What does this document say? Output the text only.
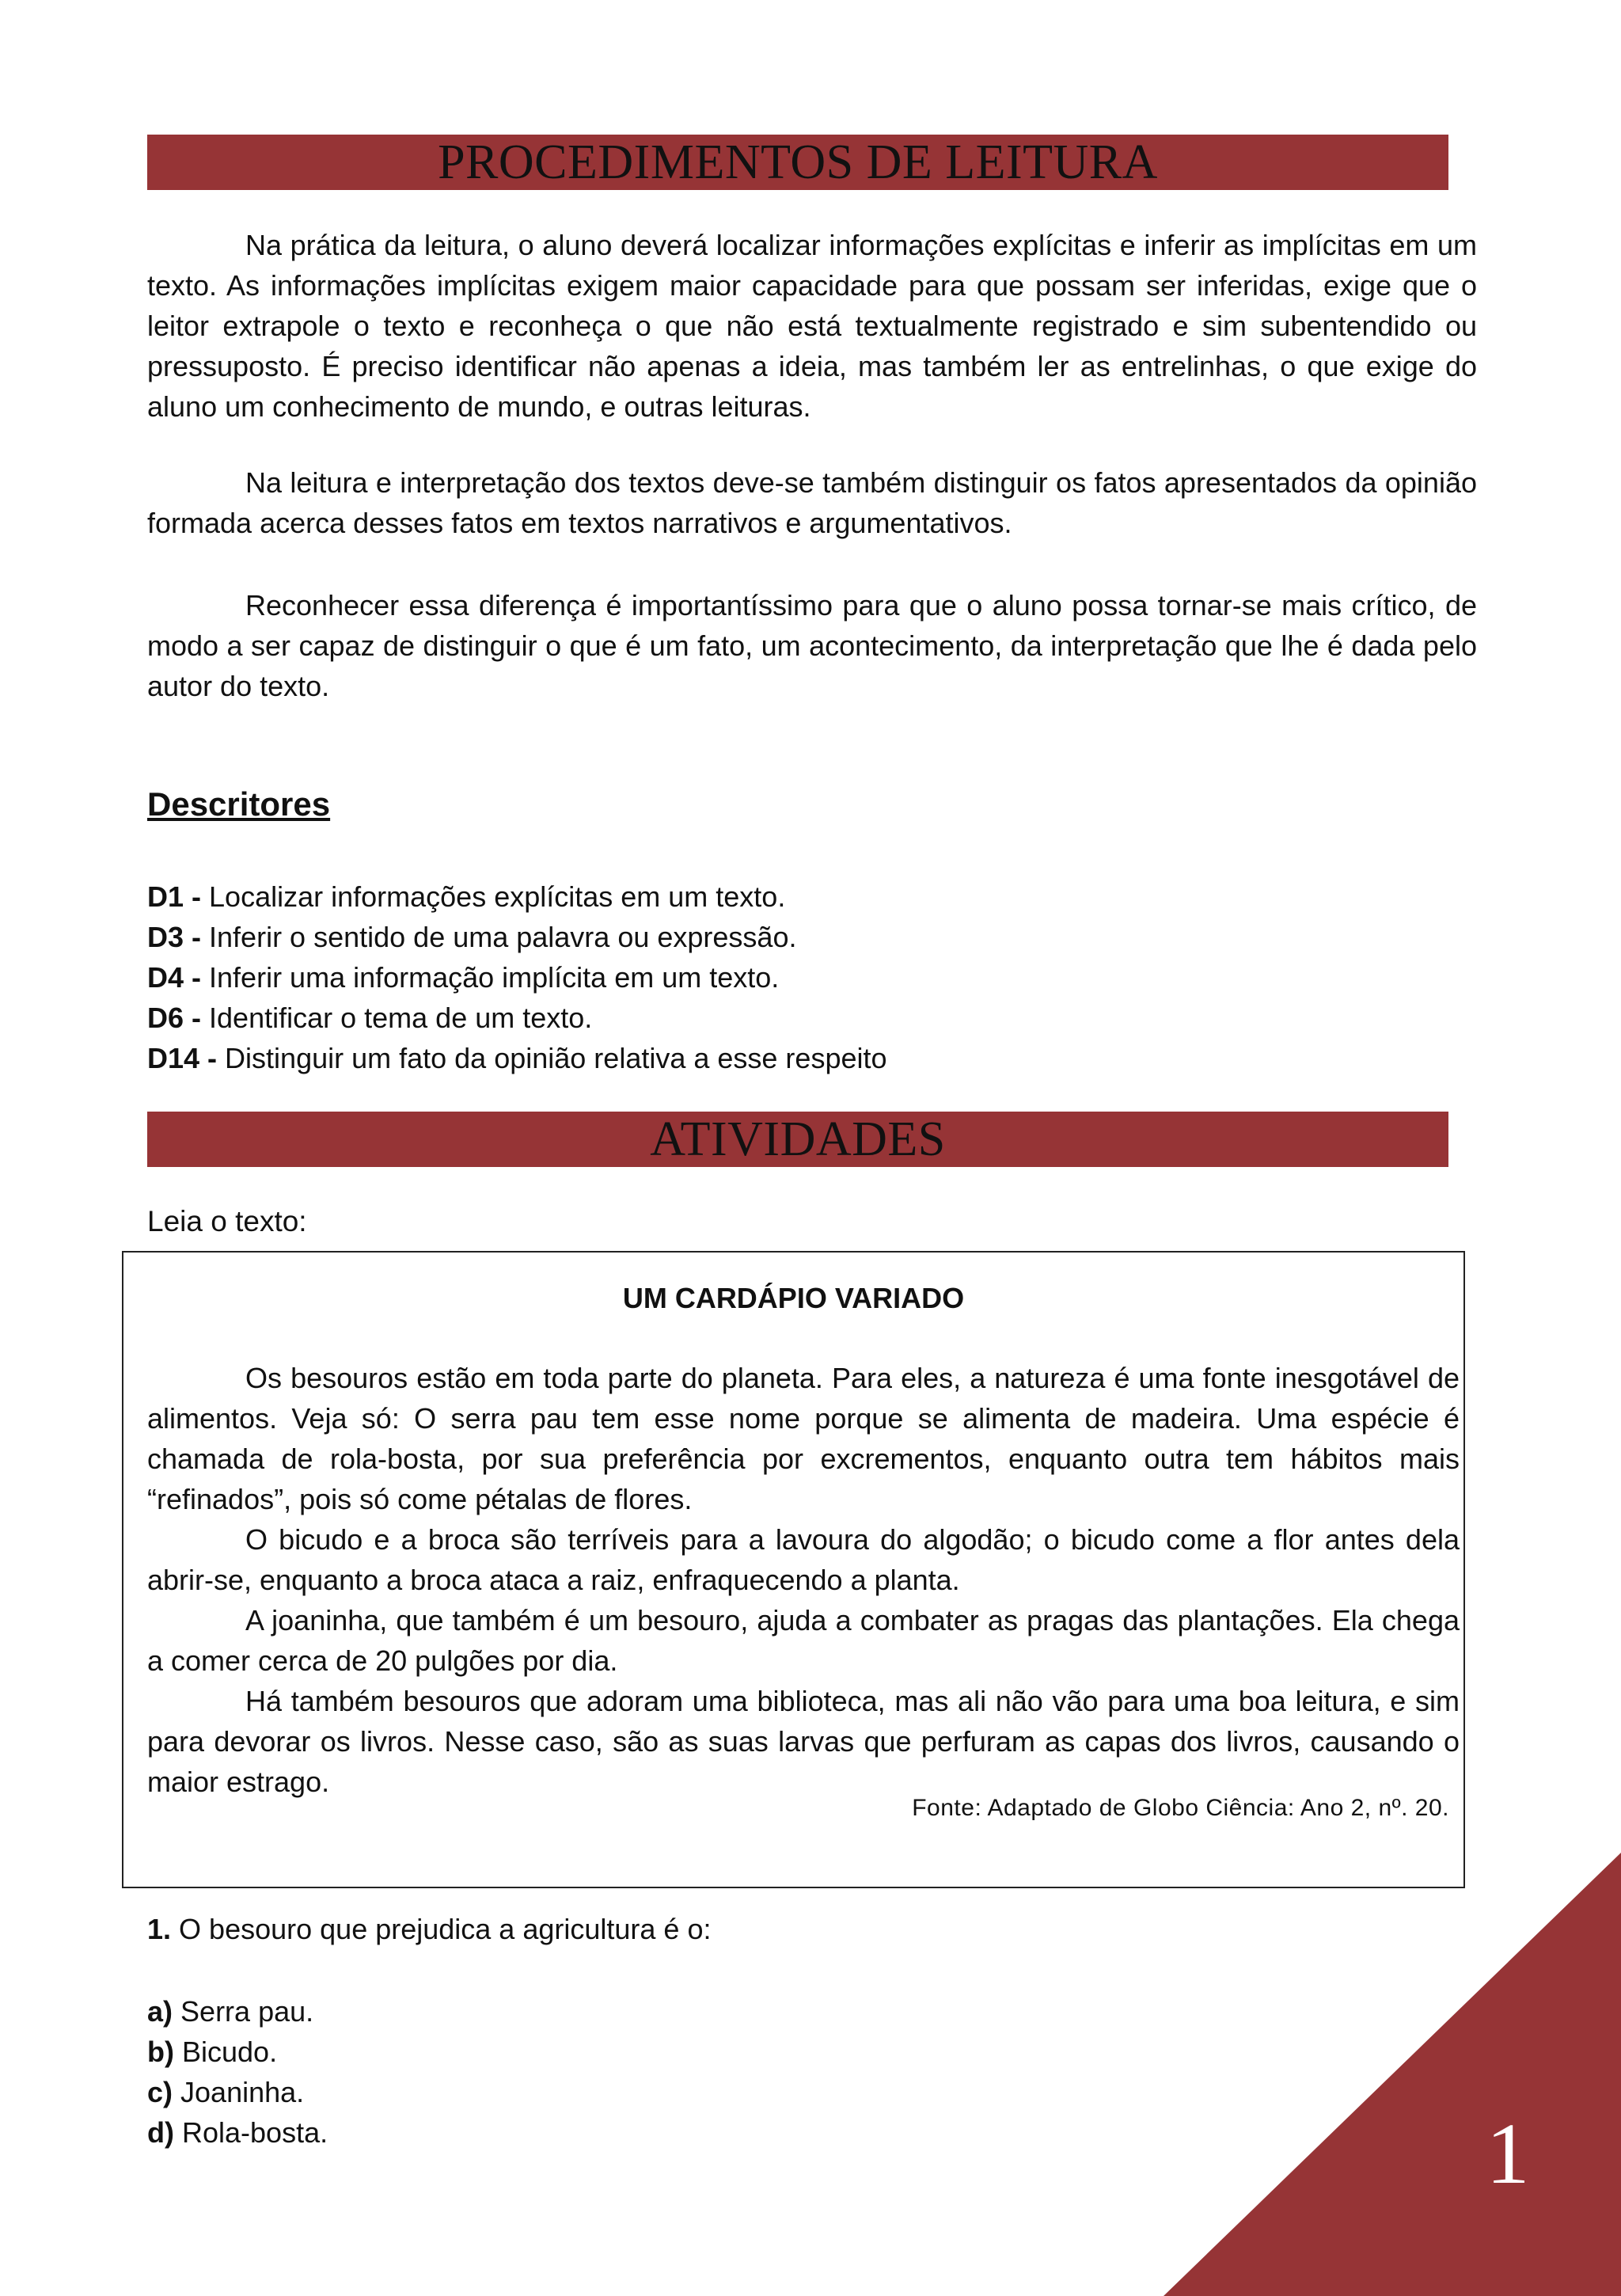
PROCEDIMENTOS DE LEITURA

Na prática da leitura, o aluno deverá localizar informações explícitas e inferir as implícitas em um texto. As informações implícitas exigem maior capacidade para que possam ser inferidas, exige que o leitor extrapole o texto e reconheça o que não está textualmente registrado e sim subentendido ou pressuposto. É preciso identificar não apenas a ideia, mas também ler as entrelinhas, o que exige do aluno um conhecimento de mundo, e outras leituras.

Na leitura e interpretação dos textos deve-se também distinguir os fatos apresentados da opinião formada acerca desses fatos em textos narrativos e argumentativos.

Reconhecer essa diferença é importantíssimo para que o aluno possa tornar-se mais crítico, de modo a ser capaz de distinguir o que é um fato, um acontecimento, da interpretação que lhe é dada pelo autor do texto.

Descritores
D1 - Localizar informações explícitas em um texto.
D3 - Inferir o sentido de uma palavra ou expressão.
D4 - Inferir uma informação implícita em um texto.
D6 - Identificar o tema de um texto.
D14 - Distinguir um fato da opinião relativa a esse respeito
ATIVIDADES

Leia o texto:

UM CARDÁPIO VARIADO

Os besouros estão em toda parte do planeta. Para eles, a natureza é uma fonte inesgotável de alimentos. Veja só: O serra pau tem esse nome porque se alimenta de madeira. Uma espécie é chamada de rola-bosta, por sua preferência por excrementos, enquanto outra tem hábitos mais “refinados”, pois só come pétalas de flores.

O bicudo e a broca são terríveis para a lavoura do algodão; o bicudo come a flor antes dela abrir-se, enquanto a broca ataca a raiz, enfraquecendo a planta.

A joaninha, que também é um besouro, ajuda a combater as pragas das plantações. Ela chega a comer cerca de 20 pulgões por dia.

Há também besouros que adoram uma biblioteca, mas ali não vão para uma boa leitura, e sim para devorar os livros. Nesse caso, são as suas larvas que perfuram as capas dos livros, causando o maior estrago.

Fonte: Adaptado de Globo Ciência: Ano 2, nº. 20.

1. O besouro que prejudica a agricultura é o:

a) Serra pau.
b) Bicudo.
c) Joaninha.
d) Rola-bosta.	1
